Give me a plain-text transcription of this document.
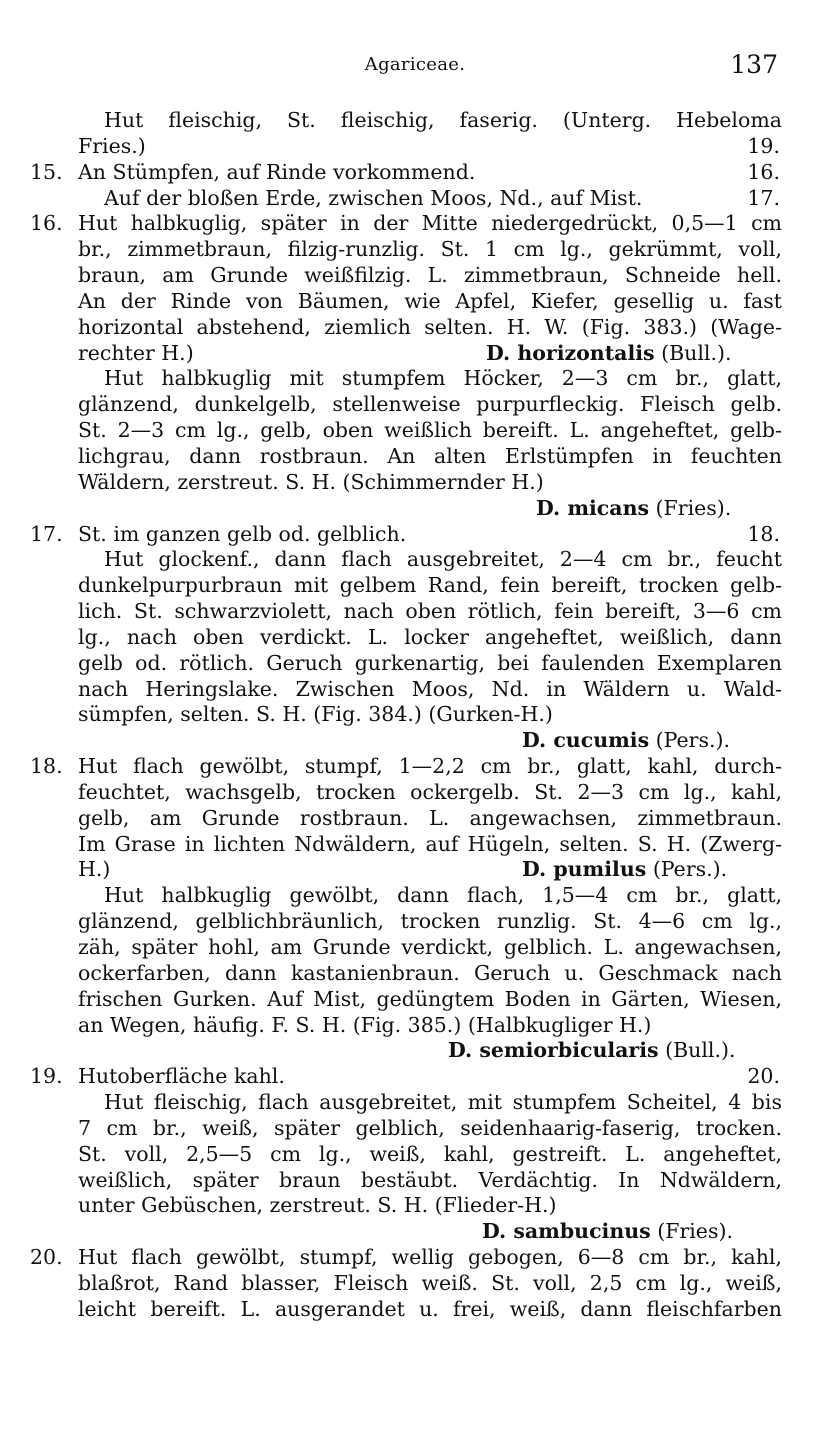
Agariceae.	137
Hut fleischig, St. fleischig, faserig. (Unterg. Hebeloma
Fries.)	19.
15. An Stümpfen, auf Rinde vorkommend.	16.
Auf der bloßen Erde, zwischen Moos, Nd., auf Mist.	17.
16. Hut halbkuglig, später in der Mitte niedergedrückt, 0,5—1 cm
br., zimmetbraun, filzig-runzlig. St. 1 cm lg., gekrümmt, voll,
braun, am Grunde weißfilzig. L. zimmetbraun, Schneide hell.
An der Rinde von Bäumen, wie Apfel, Kiefer, gesellig u. fast
horizontal abstehend, ziemlich selten. H. W. (Fig. 383.) (Wage-
rechter H.)	D. horizontalis (Bull.).
Hut halbkuglig mit stumpfem Höcker, 2—3 cm br., glatt,
glänzend, dunkelgelb, stellenweise purpurfleckig. Fleisch gelb.
St. 2—3 cm lg., gelb, oben weißlich bereift. L. angeheftet, gelb-
lichgrau, dann rostbraun. An alten Erlstümpfen in feuchten
Wäldern, zerstreut. S. H. (Schimmernder H.)
D. micans (Fries).
17. St. im ganzen gelb od. gelblich.	18.
Hut glockenf., dann flach ausgebreitet, 2—4 cm br., feucht
dunkelpurpurbraun mit gelbem Rand, fein bereift, trocken gelb-
lich. St. schwarzviolett, nach oben rötlich, fein bereift, 3—6 cm
lg., nach oben verdickt. L. locker angeheftet, weißlich, dann
gelb od. rötlich. Geruch gurkenartig, bei faulenden Exemplaren
nach Heringslake. Zwischen Moos, Nd. in Wäldern u. Wald-
sümpfen, selten. S. H. (Fig. 384.) (Gurken-H.)
D. cucumis (Pers.).
18. Hut flach gewölbt, stumpf, 1—2,2 cm br., glatt, kahl, durch-
feuchtet, wachsgelb, trocken ockergelb. St. 2—3 cm lg., kahl,
gelb, am Grunde rostbraun. L. angewachsen, zimmetbraun.
Im Grase in lichten Ndwäldern, auf Hügeln, selten. S. H. (Zwerg-
H.)	D. pumilus (Pers.).
Hut halbkuglig gewölbt, dann flach, 1,5—4 cm br., glatt,
glänzend, gelblichbräunlich, trocken runzlig. St. 4—6 cm lg.,
zäh, später hohl, am Grunde verdickt, gelblich. L. angewachsen,
ockerfarben, dann kastanienbraun. Geruch u. Geschmack nach
frischen Gurken. Auf Mist, gedüngtem Boden in Gärten, Wiesen,
an Wegen, häufig. F. S. H. (Fig. 385.) (Halbkugliger H.)
D. semiorbicularis (Bull.).
19. Hutoberfläche kahl.	20.
Hut fleischig, flach ausgebreitet, mit stumpfem Scheitel, 4 bis
7 cm br., weiß, später gelblich, seidenhaarig-faserig, trocken.
St. voll, 2,5—5 cm lg., weiß, kahl, gestreift. L. angeheftet,
weißlich, später braun bestäubt. Verdächtig. In Ndwäldern,
unter Gebüschen, zerstreut. S. H. (Flieder-H.)
D. sambucinus (Fries).
20. Hut flach gewölbt, stumpf, wellig gebogen, 6—8 cm br., kahl,
blaßrot, Rand blasser, Fleisch weiß. St. voll, 2,5 cm lg., weiß,
leicht bereift. L. ausgerandet u. frei, weiß, dann fleischfarben
